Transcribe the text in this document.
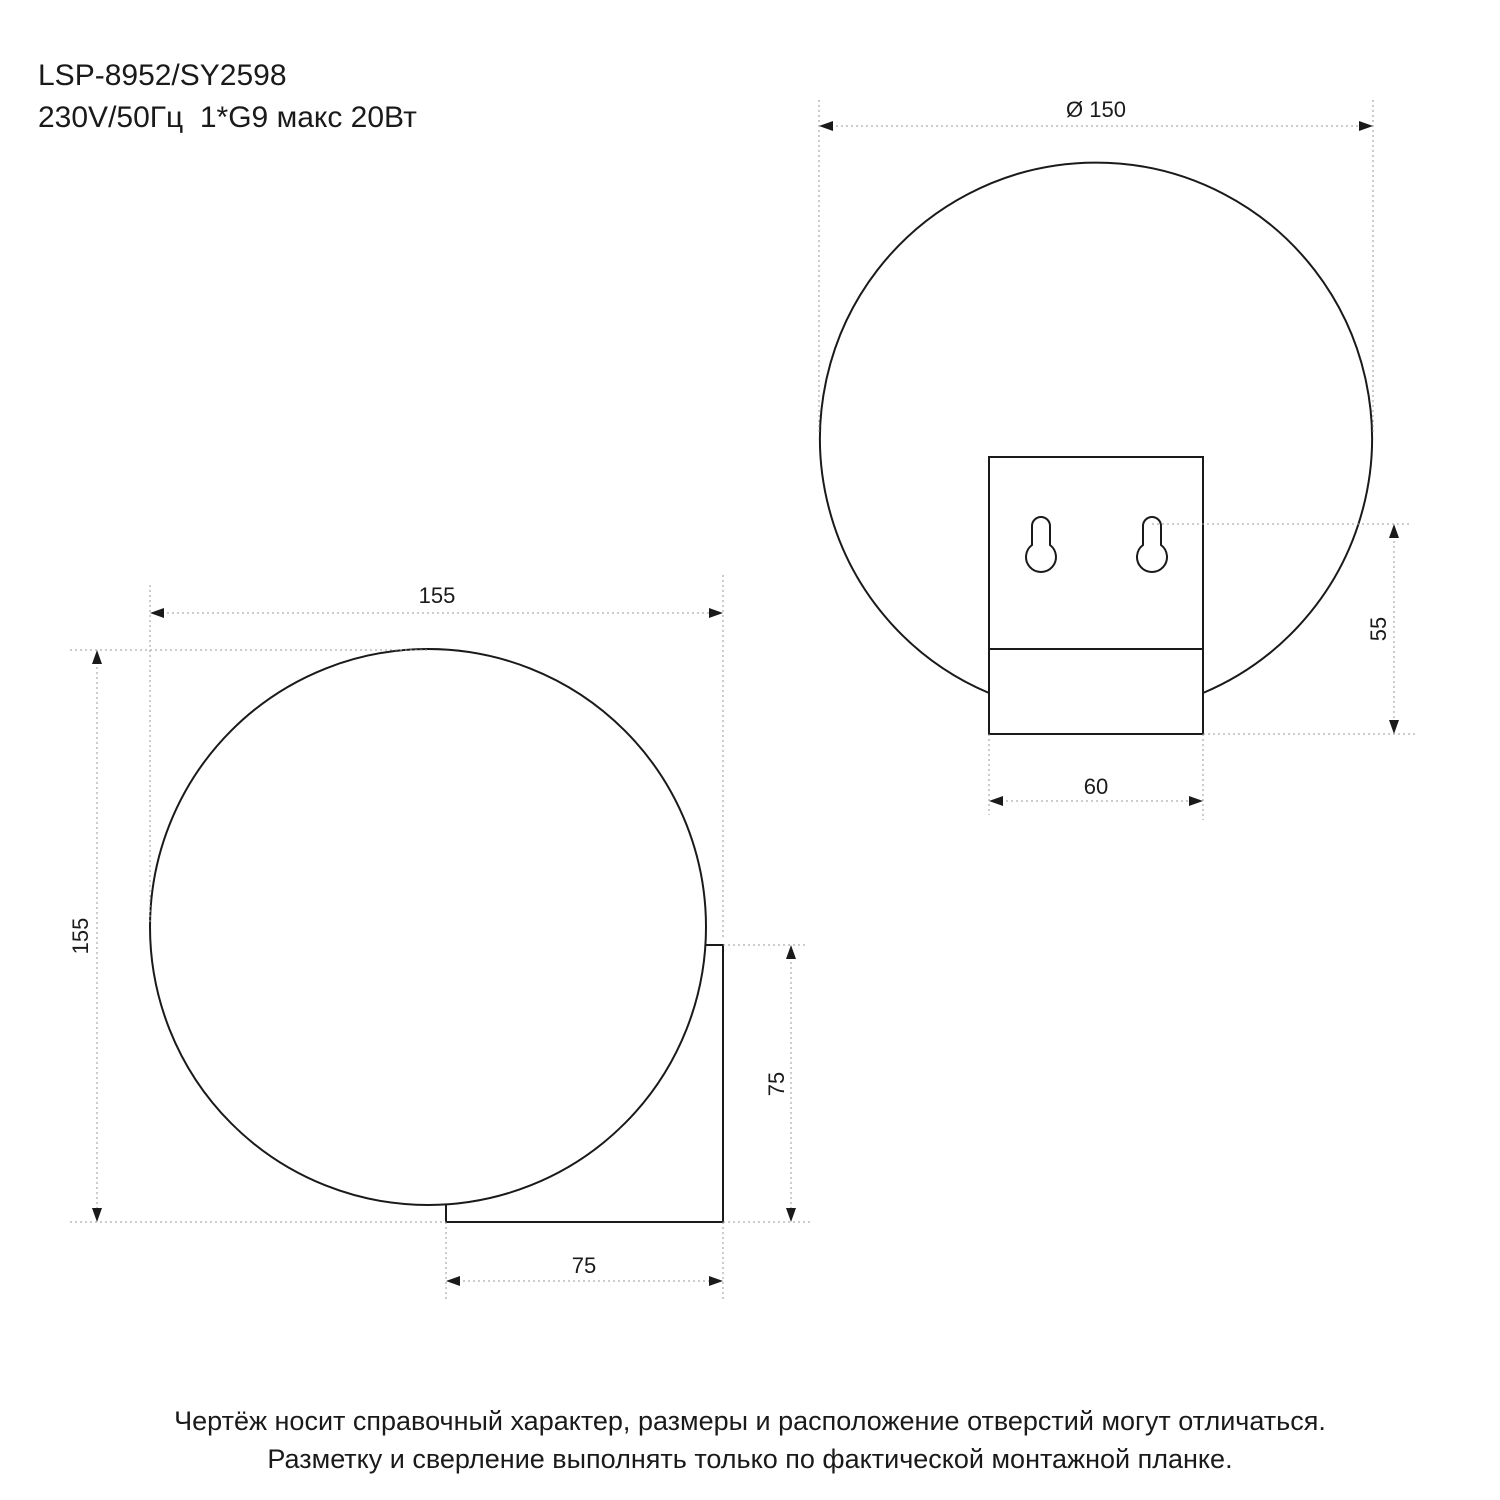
LSP-8952/SY2598
230V/50Гц  1*G9 макс 20Вт
155
155
75
75
Ø 150
55
60
Чертёж носит справочный характер, размеры и расположение отверстий могут отличаться.
Разметку и сверление выполнять только по фактической монтажной планке.
